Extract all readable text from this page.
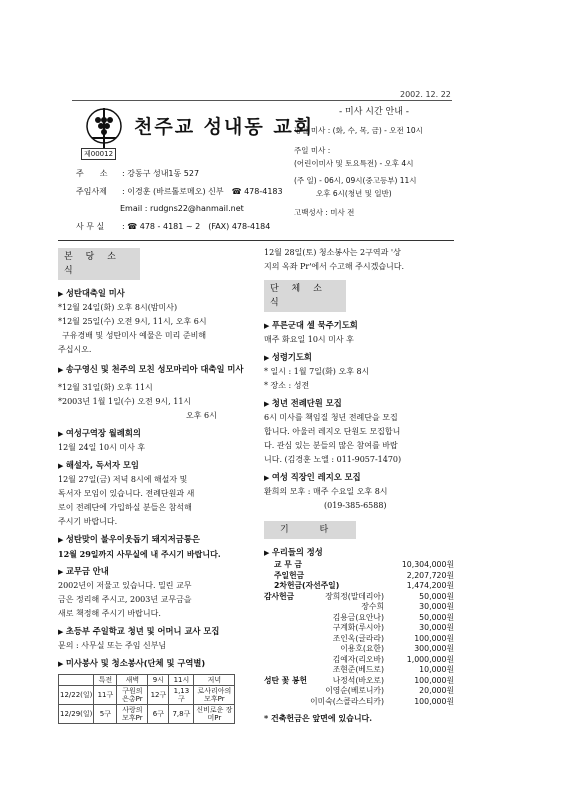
2002. 12. 22
제00012
천주교 성내동 교회
주　　소 : 강동구 성내1동 527
주임사제 : 이경훈 (바르톨로메오) 신부　☎ 478-4183
Email : rudgns22@hanmail.net
사 무 실 : ☎ 478 - 4181 ~ 2　(FAX) 478-4184
- 미사 시간 안내 -
평일 미사 : (화, 수, 목, 금) - 오전 10시
주일 미사 :
(어린이미사 및 토요특전) - 오후 4시
(주 일) - 06시, 09시(중고등부) 11시
오후 6시(청년 및 일반)
고백성사 : 미사 전
본 당 소 식
▶ 성탄대축일 미사
*12월 24일(화) 오후 8시(밤미사)
*12월 25일(수) 오전 9시, 11시, 오후 6시
구유경배 및 성탄미사 예물은 미리 준비해
주십시오.
▶ 송구영신 및 천주의 모친 성모마리아 대축일 미사
*12월 31일(화) 오후 11시
*2003년 1월 1일(수) 오전 9시, 11시
오후 6시
▶ 여성구역장 월례회의
12월 24일 10시 미사 후
▶ 해설자, 독서자 모임
12월 27일(금) 저녁 8시에 해설자 및
독서자 모임이 있습니다. 전례단원과 새
로이 전례단에 가입하실 분들은 참석해
주시기 바랍니다.
▶ 성탄맞이 불우이웃돕기 돼지저금통은
12월 29일까지 사무실에 내 주시기 바랍니다.
▶ 교무금 안내
2002년이 저물고 있습니다. 밀린 교무
금은 정리해 주시고, 2003년 교무금을
새로 책정해 주시기 바랍니다.
▶ 초등부 주일학교 청년 및 어머니 교사 모집
문의 : 사무실 또는 주임 신부님
▶ 미사봉사 및 청소봉사(단체 및 구역별)
	특전	새벽	9시	11시	저녁
12/22(일)	11구	구원의 은총Pr	12구	1,13구	로사리아의 모후Pr
12/29(일)	5구	사랑의 모후Pr	6구	7,8구	신비로운 장미Pr
12월 28일(토) 청소봉사는 2구역과 '상
지의 옥좌 Pr'에서 수고해 주시겠습니다.
단 체 소 식
▶ 푸른군대 셀 묵주기도회
매주 화요일 10시 미사 후
▶ 성령기도회
* 일시 : 1월 7일(화) 오후 8시
* 장소 : 성전
▶ 청년 전례단원 모집
6시 미사를 책임질 청년 전례단을 모집
합니다. 아울러 레지오 단원도 모집합니
다. 관심 있는 분들의 많은 참여를 바랍
니다. (김경훈 노엘 : 011-9057-1470)
▶ 여성 직장인 레지오 모집
환희의 모후 : 매주 수요일 오후 8시
(019-385-6588)
기 타
▶ 우리들의 정성
교 무 금	10,304,000원
주일헌금	2,207,720원
2차헌금(자선주일)	1,474,200원
감사헌금	장희정(말데리아)	50,000원
장수희	30,000원
김용금(요안나)	50,000원
구계화(루시아)	30,000원
조인옥(글라라)	100,000원
이용호(요한)	300,000원
김예자(리오바)	1,000,000원
조현준(베드로)	10,000원
성탄 꽃 봉헌	나정석(바오로)	100,000원
이영순(베로니카)	20,000원
이미숙(스콜라스티카)	100,000원
* 건축헌금은 앞면에 있습니다.
